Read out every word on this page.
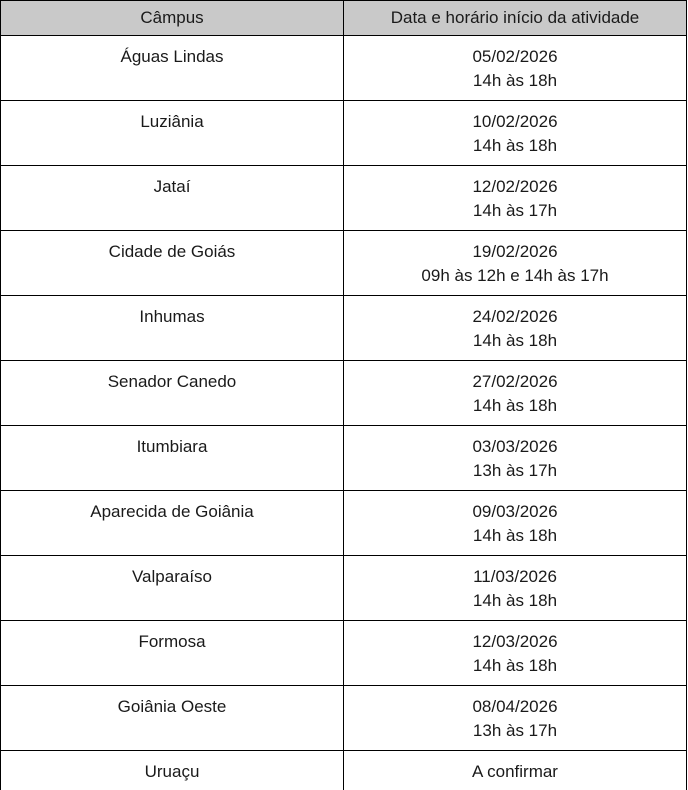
Câmpus	Data e horário início da atividade
Águas Lindas	05/02/2026
14h às 18h

Luziânia	10/02/2026
14h às 18h

Jataí	12/02/2026
14h às 17h

Cidade de Goiás	19/02/2026
09h às 12h e 14h às 17h

Inhumas	24/02/2026
14h às 18h

Senador Canedo	27/02/2026
14h às 18h

Itumbiara	03/03/2026
13h às 17h

Aparecida de Goiânia	09/03/2026
14h às 18h

Valparaíso	11/03/2026
14h às 18h

Formosa	12/03/2026
14h às 18h

Goiânia Oeste	08/04/2026
13h às 17h

Uruaçu	A confirmar
